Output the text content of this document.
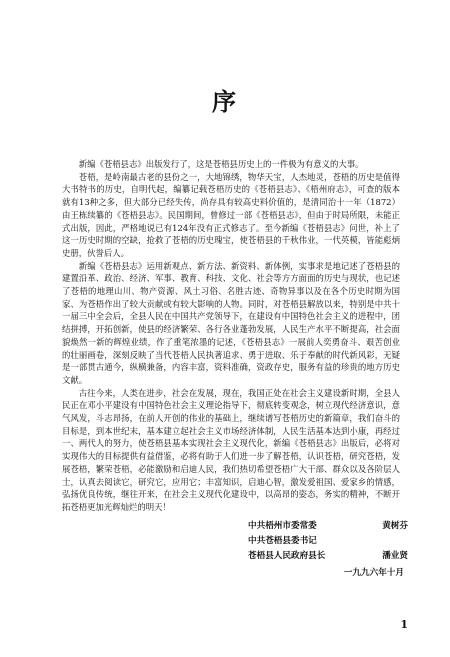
序

新编《苍梧县志》出版发行了，这是苍梧县历史上的一件极为有意义的大事。

苍梧，是岭南最古老的县份之一，大地锦绣，物华天宝，人杰地灵，苍梧的历史是值得大书特书的历史，自明代起，编纂记载苍梧历史的《苍梧县志》、《梧州府志》，可查的版本就有13种之多，但大部分已经失传，尚存具有较高史料价值的，是清同治十一年（1872）由王栋续纂的《苍梧县志》。民国期间，曾修过一部《苍梧县志》，但由于时局所限，未能正式出版，因此，严格地说已有124年没有正式修志了。至今新编《苍梧县志》问世，补上了这一历史时期的空缺，抢救了苍梧的历史瑰宝，使苍梧县的千秋伟业，一代英模，皆能彪炳史册，伙誉后人。

新编《苍梧县志》运用新观点、新方法、新资料、新体例，实事求是地记述了苍梧县的建置沿革、政治、经济、军事、教育、科技、文化、社会等方方面面的历史与现状，也记述了苍梧的地理山川、物产资源、风土习俗、名胜古迹、奇物异事以及在各个历史时期为国家、为苍梧作出了较大贡献或有较大影响的人物。同时，对苍梧县解放以来，特别是中共十一届三中全会后，全县人民在中国共产党领导下，在建设有中国特色社会主义的进程中，团结拼搏，开拓创新，使县的经济繁荣、各行各业蓬勃发展，人民生产水平不断提高，社会面貌焕然一新的辉煌业绩，作了重笔浓墨的记述，《苍梧县志》一展前人奕勇奋斗、艰苦创业的壮丽画卷，深刻反映了当代苍梧人民执著追求、勇于进取、乐于奉献的时代新风彩，无疑是一部贯古通今，纵横兼备，内容丰富，资料准确，资政存史，服务有益的珍贵的地方历史文献。

古往今来，人类在进步，社会在发展，现在，我国正处在社会主义建设新时期，全县人民正在邓小平建设有中国特色社会主义理论指导下，彻底转变观念，树立现代经济意识，意气风发，斗志昂扬，在前人开创的伟业的基础上，继续谱写苍梧历史的新篇章，我们奋斗的目标是，到本世纪末，基本建立起社会主义市场经济体制，人民生活基本达到小康，再经过一、两代人的努力，使苍梧县基本实现社会主义现代化，新编《苍梧县志》出版后，必将对实现伟大的目标提供有益借鉴，必将有助于人们进一步了解苍梧，认识苍梧，研究苍梧，发展苍梧，繁荣苍梧，必能激励和启迪人民，我们热切希望苍梧广大干部、群众以及各阶层人士，认真去阅读它，研究它，应用它；丰富知识，启迪心智，激发爱祖国、爱家乡的情感，弘扬优良传统，继往开来，在社会主义现代化建设中，以高昂的姿态，务实的精神，不断开拓苍梧更加光辉灿烂的明天！

中共梧州市委常委	黄树芬
中共苍梧县委书记
苍梧县人民政府县长	潘业贤
一九九六年十月
1
